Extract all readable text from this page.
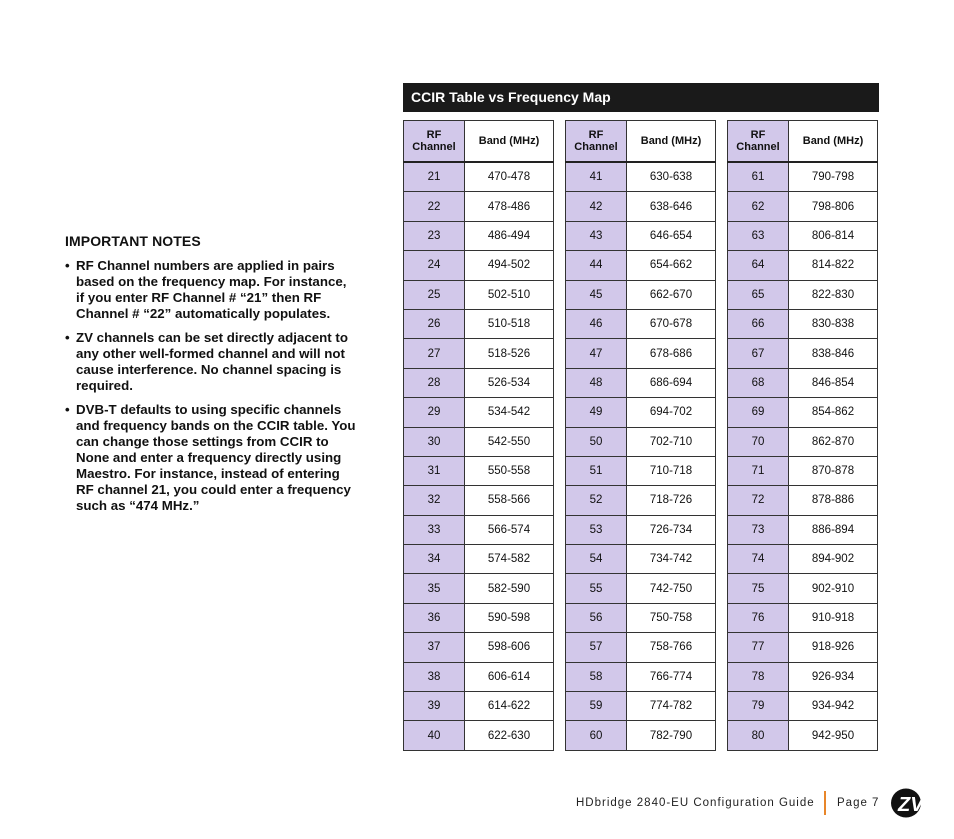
IMPORTANT NOTES
• RF Channel numbers are applied in pairs based on the frequency map. For instance, if you enter RF Channel # “21” then RF Channel # “22” automatically populates.
• ZV channels can be set directly adjacent to any other well-formed channel and will not cause interference. No channel spacing is required.
• DVB-T defaults to using specific channels and frequency bands on the CCIR table. You can change those settings from CCIR to None and enter a frequency directly using Maestro. For instance, instead of entering RF channel 21, you could enter a frequency such as “474 MHz.”
CCIR Table vs Frequency Map
RF
Channel	Band (MHz)
21	470-478
22	478-486
23	486-494
24	494-502
25	502-510
26	510-518
27	518-526
28	526-534
29	534-542
30	542-550
31	550-558
32	558-566
33	566-574
34	574-582
35	582-590
36	590-598
37	598-606
38	606-614
39	614-622
40	622-630
RF
Channel	Band (MHz)
41	630-638
42	638-646
43	646-654
44	654-662
45	662-670
46	670-678
47	678-686
48	686-694
49	694-702
50	702-710
51	710-718
52	718-726
53	726-734
54	734-742
55	742-750
56	750-758
57	758-766
58	766-774
59	774-782
60	782-790
RF
Channel	Band (MHz)
61	790-798
62	798-806
63	806-814
64	814-822
65	822-830
66	830-838
67	838-846
68	846-854
69	854-862
70	862-870
71	870-878
72	878-886
73	886-894
74	894-902
75	902-910
76	910-918
77	918-926
78	926-934
79	934-942
80	942-950
HDbridge 2840-EU Configuration Guide Page 7 ZV
